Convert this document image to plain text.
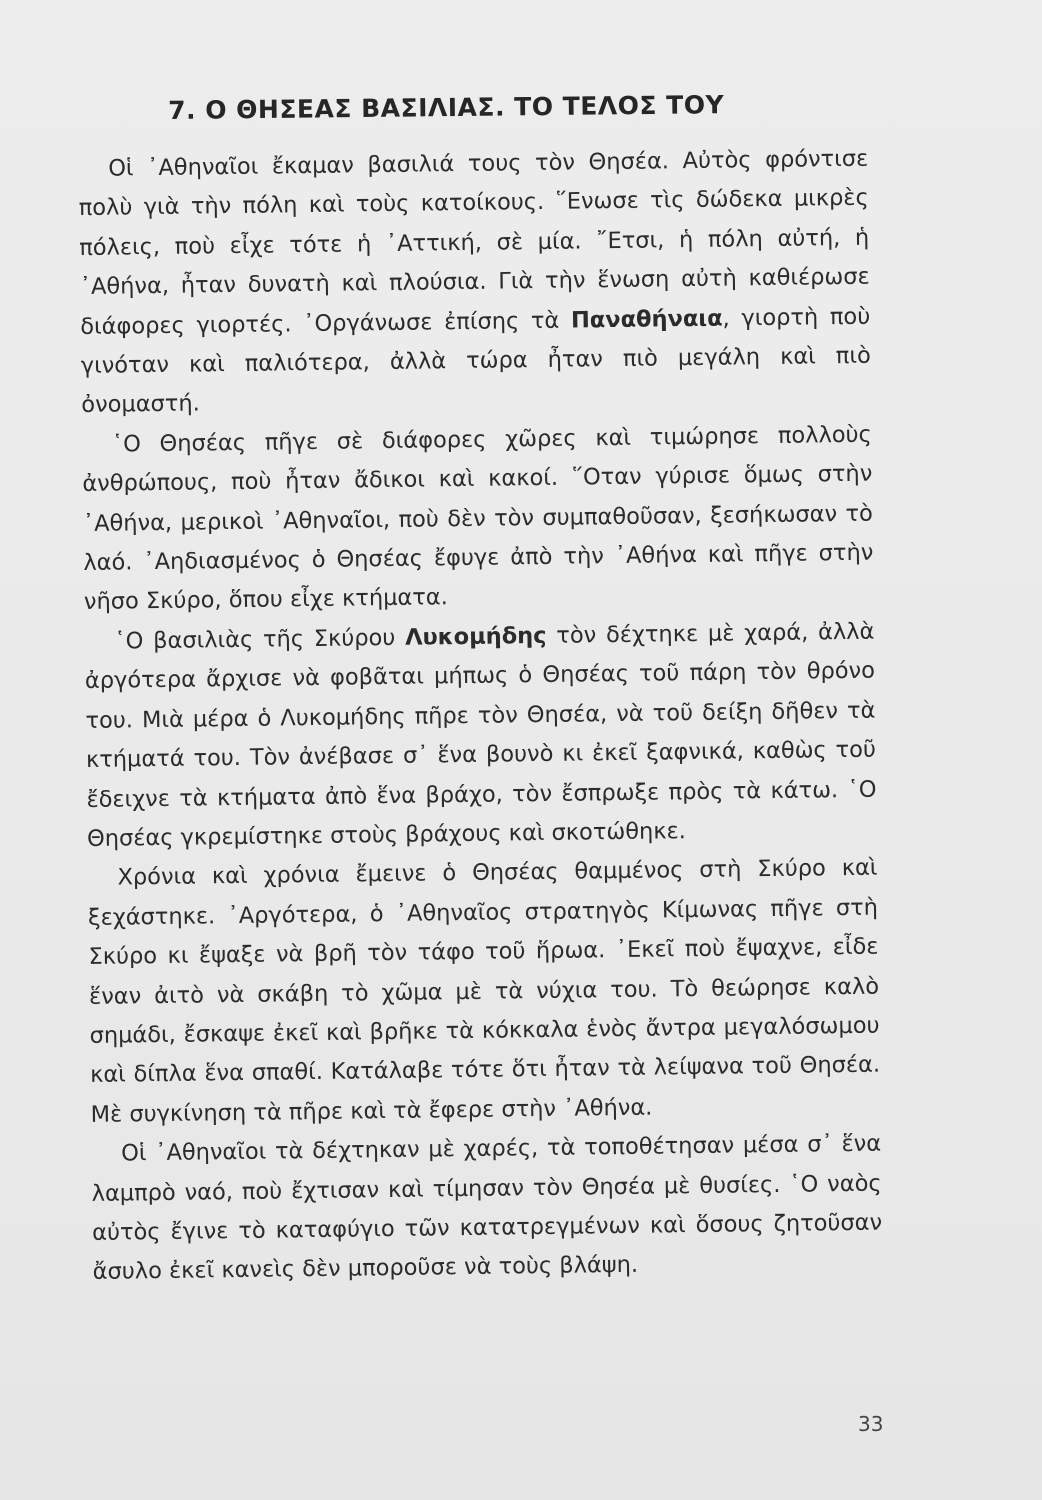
7. Ο ΘΗΣΕΑΣ ΒΑΣΙΛΙΑΣ. ΤΟ ΤΕΛΟΣ ΤΟΥ

Οἱ ᾿Αθηναῖοι ἔκαμαν βασιλιά τους τὸν Θησέα. Αὐτὸς φρόντισε πολὺ γιὰ τὴν πόλη καὶ τοὺς κατοίκους. ῞Ενωσε τὶς δώδεκα μικρὲς πόλεις, ποὺ εἶχε τότε ἡ ᾿Αττική, σὲ μία. ῎Ετσι, ἡ πόλη αὐτή, ἡ ᾿Αθήνα, ἦταν δυνατὴ καὶ πλούσια. Γιὰ τὴν ἕνωση αὐτὴ καθιέρωσε διάφορες γιορτές. ᾿Οργάνωσε ἐπίσης τὰ Παναθήναια, γιορτὴ ποὺ γινόταν καὶ παλιότερα, ἀλλὰ τώρα ἦταν πιὸ μεγάλη καὶ πιὸ ὀνομαστή.

῾Ο Θησέας πῆγε σὲ διάφορες χῶρες καὶ τιμώρησε πολλοὺς ἀνθρώπους, ποὺ ἦταν ἄδικοι καὶ κακοί. ῞Οταν γύρισε ὅμως στὴν ᾿Αθήνα, μερικοὶ ᾿Αθηναῖοι, ποὺ δὲν τὸν συμπαθοῦσαν, ξεσήκωσαν τὸ λαό. ᾿Αηδιασμένος ὁ Θησέας ἔφυγε ἀπὸ τὴν ᾿Αθήνα καὶ πῆγε στὴν νῆσο Σκύρο, ὅπου εἶχε κτήματα.

῾Ο βασιλιὰς τῆς Σκύρου Λυκομήδης τὸν δέχτηκε μὲ χαρά, ἀλλὰ ἀργότερα ἄρχισε νὰ φοβᾶται μήπως ὁ Θησέας τοῦ πάρη τὸν θρόνο του. Μιὰ μέρα ὁ Λυκομήδης πῆρε τὸν Θησέα, νὰ τοῦ δείξη δῆθεν τὰ κτήματά του. Τὸν ἀνέβασε σ᾿ ἕνα βουνὸ κι ἐκεῖ ξαφνικά, καθὼς τοῦ ἔδειχνε τὰ κτήματα ἀπὸ ἕνα βράχο, τὸν ἔσπρωξε πρὸς τὰ κάτω. ῾Ο Θησέας γκρεμίστηκε στοὺς βράχους καὶ σκοτώθηκε.

Χρόνια καὶ χρόνια ἔμεινε ὁ Θησέας θαμμένος στὴ Σκύρο καὶ ξεχάστηκε. ᾿Αργότερα, ὁ ᾿Αθηναῖος στρατηγὸς Κίμωνας πῆγε στὴ Σκύρο κι ἔψαξε νὰ βρῆ τὸν τάφο τοῦ ἥρωα. ᾿Εκεῖ ποὺ ἔψαχνε, εἶδε ἕναν ἀιτὸ νὰ σκάβη τὸ χῶμα μὲ τὰ νύχια του. Τὸ θεώρησε καλὸ σημάδι, ἔσκαψε ἐκεῖ καὶ βρῆκε τὰ κόκκαλα ἑνὸς ἄντρα μεγαλόσωμου καὶ δίπλα ἕνα σπαθί. Κατάλαβε τότε ὅτι ἦταν τὰ λείψανα τοῦ Θησέα. Μὲ συγκίνηση τὰ πῆρε καὶ τὰ ἔφερε στὴν ᾿Αθήνα.

Οἱ ᾿Αθηναῖοι τὰ δέχτηκαν μὲ χαρές, τὰ τοποθέτησαν μέσα σ᾿ ἕνα λαμπρὸ ναό, ποὺ ἔχτισαν καὶ τίμησαν τὸν Θησέα μὲ θυσίες. ῾Ο ναὸς αὐτὸς ἔγινε τὸ καταφύγιο τῶν κατατρεγμένων καὶ ὅσους ζητοῦσαν ἄσυλο ἐκεῖ κανεὶς δὲν μποροῦσε νὰ τοὺς βλάψη.

33
